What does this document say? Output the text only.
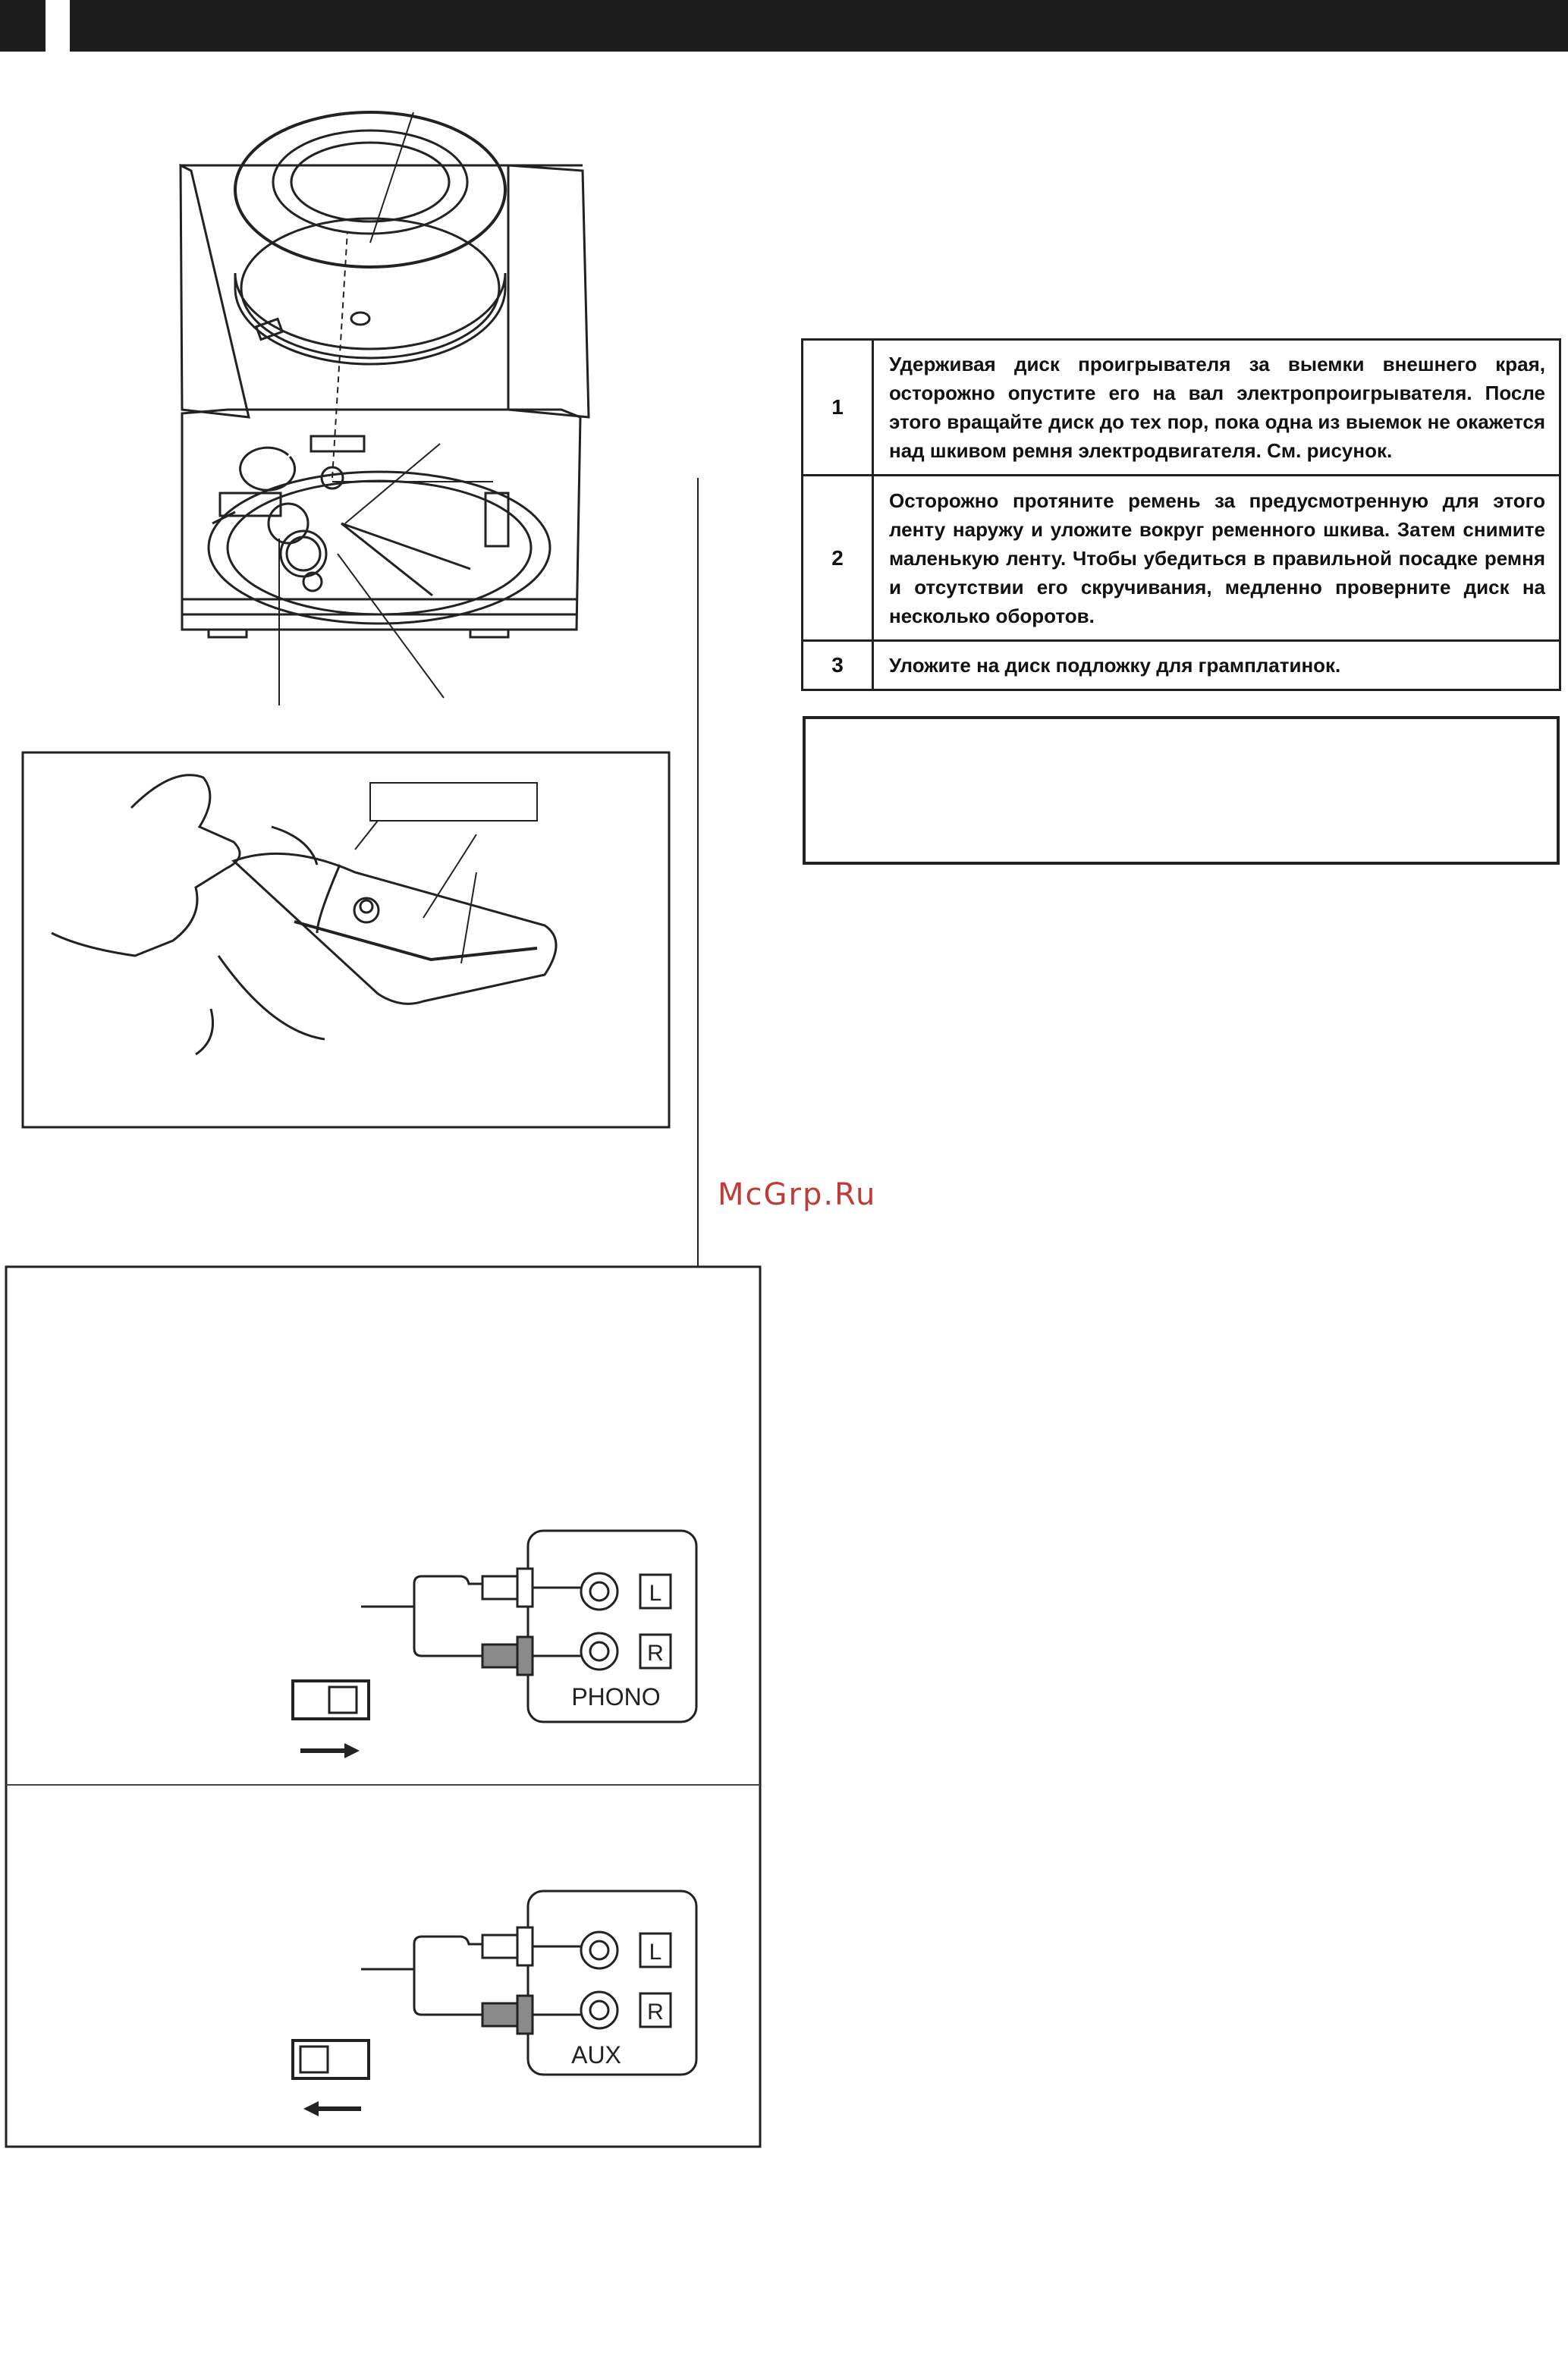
1	Удерживая диск проигрывателя за выемки внешнего края, осторожно опустите его на вал электропроигрывателя. После этого вращайте диск до тех пор, пока одна из выемок не окажется над шкивом ремня электродвигателя. См. рисунок.
2	Осторожно протяните ремень за предусмотренную для этого ленту наружу и уложите вокруг ременного шкива. Затем снимите маленькую ленту. Чтобы убедиться в правильной посадке ремня и отсутствии его скручивания, медленно проверните диск на несколько оборотов.
3	Уложите на диск подложку для грамплатинок.
McGrp.Ru
L
R
PHONO
L
R
AUX
